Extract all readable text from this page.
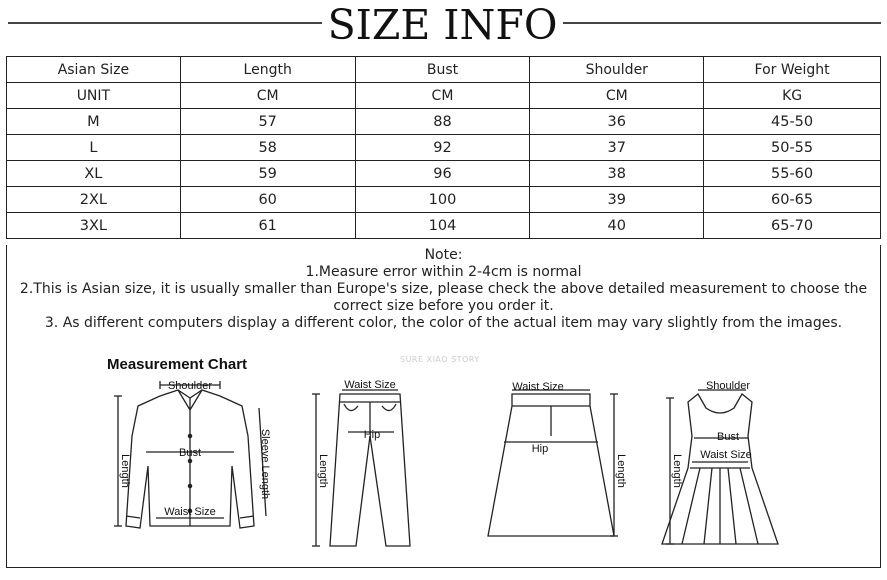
SIZE INFO
Asian Size	Length	Bust	Shoulder	For Weight
UNIT	CM	CM	CM	KG
M	57	88	36	45-50
L	58	92	37	50-55
XL	59	96	38	55-60
2XL	60	100	39	60-65
3XL	61	104	40	65-70
Note:
1.Measure error within 2-4cm is normal
2.This is Asian size, it is usually smaller than Europe's size, please check the above detailed measurement to choose the correct size before you order it.
3. As different computers display a different color, the color of the actual item may vary slightly from the images.
Measurement Chart	SURE XIAO STORY
Shoulder
Bust
Length	Sleeve Length
Waist Size
Waist Size
Hip
Length
Waist Size
Hip
Length
Shoulder
Bust
Waist Size
Length
